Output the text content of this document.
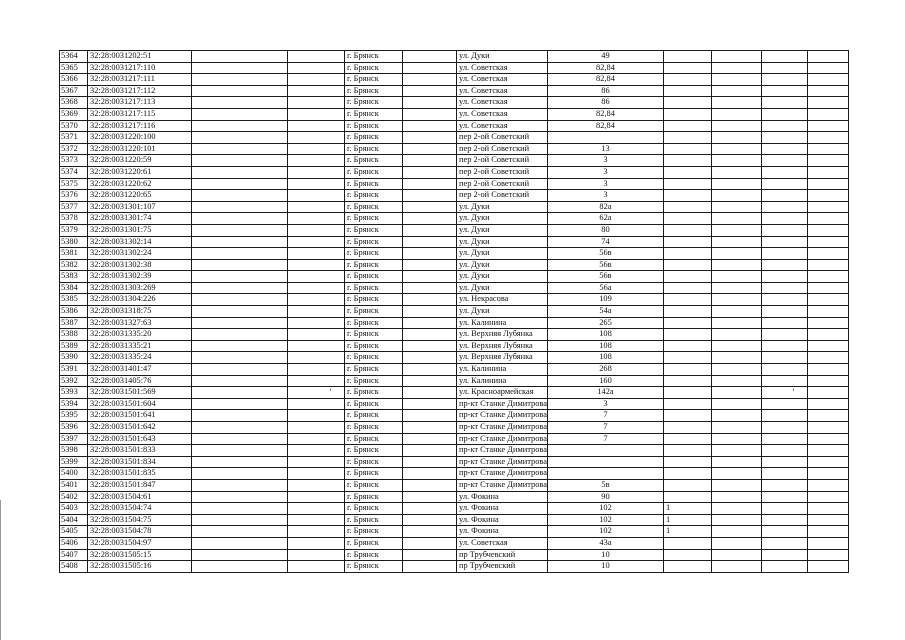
5364	32:28:0031202:51			г. Брянск		ул. Дуки	49				
5365	32:28:0031217:110			г. Брянск		ул. Советская	82,84				
5366	32:28:0031217:111			г. Брянск		ул. Советская	82,84				
5367	32:28:0031217:112			г. Брянск		ул. Советская	86				
5368	32:28:0031217:113			г. Брянск		ул. Советская	86				
5369	32:28:0031217:115			г. Брянск		ул. Советская	82,84				
5370	32:28:0031217:116			г. Брянск		ул. Советская	82,84				
5371	32:28:0031220:100			г. Брянск		пер 2-ой Советский					
5372	32:28:0031220:101			г. Брянск		пер 2-ой Советский	13				
5373	32:28:0031220:59			г. Брянск		пер 2-ой Советский	3				
5374	32:28:0031220:61			г. Брянск		пер 2-ой Советский	3				
5375	32:28:0031220:62			г. Брянск		пер 2-ой Советский	3				
5376	32:28:0031220:65			г. Брянск		пер 2-ой Советский	3				
5377	32:28:0031301:107			г. Брянск		ул. Дуки	82а				
5378	32:28:0031301:74			г. Брянск		ул. Дуки	62а				
5379	32:28:0031301:75			г. Брянск		ул. Дуки	80				
5380	32:28:0031302:14			г. Брянск		ул. Дуки	74				
5381	32:28:0031302:24			г. Брянск		ул. Дуки	56в				
5382	32:28:0031302:38			г. Брянск		ул. Дуки	56в				
5383	32:28:0031302:39			г. Брянск		ул. Дуки	56в				
5384	32:28:0031303:269			г. Брянск		ул. Дуки	56а				
5385	32:28:0031304:226			г. Брянск		ул. Некрасова	109				
5386	32:28:0031318:75			г. Брянск		ул. Дуки	54а				
5387	32:28:0031327:63			г. Брянск		ул. Калинина	265				
5388	32:28:0031335:20			г. Брянск		ул. Верхняя Лубянка	108				
5389	32:28:0031335:21			г. Брянск		ул. Верхняя Лубянка	108				
5390	32:28:0031335:24			г. Брянск		ул. Верхняя Лубянка	108				
5391	32:28:0031401:47			г. Брянск		ул. Калинина	268				
5392	32:28:0031405:76			г. Брянск		ул. Калинина	160				
5393	32:28:0031501:569		‘	г. Брянск		ул. Красноармейская	142а			‘	
5394	32:28:0031501:604			г. Брянск		пр-кт Станке Димитрова	3				
5395	32:28:0031501:641			г. Брянск		пр-кт Станке Димитрова	7				
5396	32:28:0031501:642			г. Брянск		пр-кт Станке Димитрова	7				
5397	32:28:0031501:643			г. Брянск		пр-кт Станке Димитрова	7				
5398	32:28:0031501:833			г. Брянск		пр-кт Станке Димитрова					
5399	32:28:0031501:834			г. Брянск		пр-кт Станке Димитрова					
5400	32:28:0031501:835			г. Брянск		пр-кт Станке Димитрова					
5401	32:28:0031501:847			г. Брянск		пр-кт Станке Димитрова	5в				
5402	32:28:0031504:61			г. Брянск		ул. Фокина	90				
5403	32:28:0031504:74			г. Брянск		ул. Фокина	102	1			
5404	32:28:0031504:75			г. Брянск		ул. Фокина	102	1			
5405	32:28:0031504:78			г. Брянск		ул. Фокина	102	1			
5406	32:28:0031504:97			г. Брянск		ул. Советская	43а				
5407	32:28:0031505:15			г. Брянск		пр Трубчевский	10				
5408	32:28:0031505:16			г. Брянск		пр Трубчевский	10				
